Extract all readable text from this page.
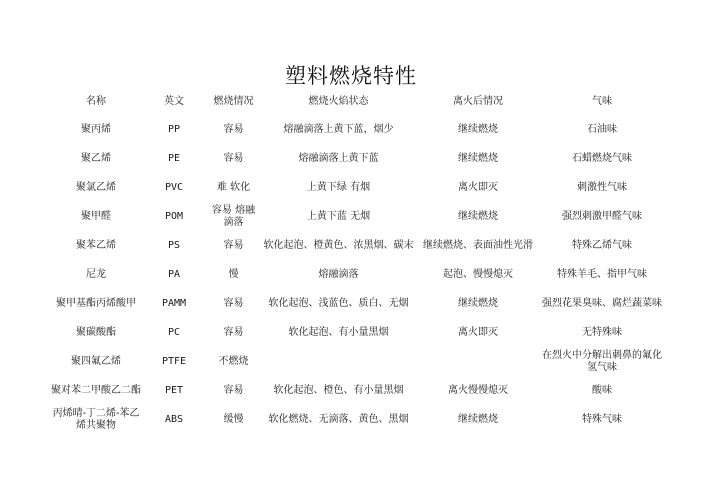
塑料燃烧特性
名称	英文	燃烧情况	燃烧火焰状态	离火后情况	气味
聚丙烯	PP	容易	熔融滴落上黄下蓝，烟少	继续燃烧	石油味
聚乙烯	PE	容易	熔融滴落上黄下蓝	继续燃烧	石蜡燃烧气味
聚氯乙烯	PVC	难 软化	上黄下绿 有烟	离火即灭	刺激性气味
聚甲醛	POM	容易 熔融滴落	上黄下蓝 无烟	继续燃烧	强烈刺激甲醛气味
聚苯乙烯	PS	容易	软化起泡、橙黄色、浓黑烟、碳末	继续燃烧、表面油性光滑	特殊乙烯气味
尼龙	PA	慢	熔融滴落	起泡、慢慢熄灭	特殊羊毛、指甲气味
聚甲基酯丙烯酸甲	PAMM	容易	软化起泡、浅蓝色、质白、无烟	继续燃烧	强烈花果臭味、腐烂蔬菜味
聚碳酸酯	PC	容易	软化起泡、有小量黑烟	离火即灭	无特殊味
聚四氟乙烯	PTFE	不燃烧			在烈火中分解出刺鼻的氟化氢气味
聚对苯二甲酸乙二酯	PET	容易	软化起泡、橙色、有小量黑烟	离火慢慢熄灭	酸味
丙烯晴-丁二烯-苯乙烯共聚物	ABS	缓慢	软化燃烧、无滴落、黄色、黑烟	继续燃烧	特殊气味
